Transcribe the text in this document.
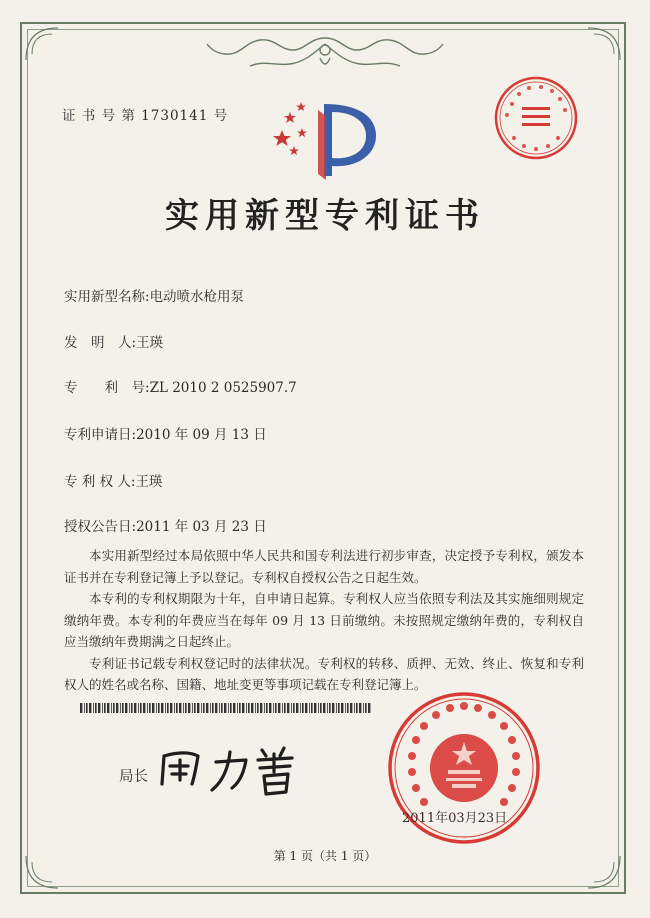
证 书 号 第 1730141 号
实用新型专利证书
实用新型名称:电动喷水枪用泵
发　明　人:王瑛
专　　利　号:ZL 2010 2 0525907.7
专利申请日:2010 年 09 月 13 日
专 利 权 人:王瑛
授权公告日:2011 年 03 月 23 日

本实用新型经过本局依照中华人民共和国专利法进行初步审查，决定授予专利权，颁发本证书并在专利登记簿上予以登记。专利权自授权公告之日起生效。

本专利的专利权期限为十年，自申请日起算。专利权人应当依照专利法及其实施细则规定缴纳年费。本专利的年费应当在每年 09 月 13 日前缴纳。未按照规定缴纳年费的，专利权自应当缴纳年费期满之日起终止。

专利证书记载专利权登记时的法律状况。专利权的转移、质押、无效、终止、恢复和专利权人的姓名或名称、国籍、地址变更等事项记载在专利登记簿上。

局长
2011年03月23日
第 1 页（共 1 页）
